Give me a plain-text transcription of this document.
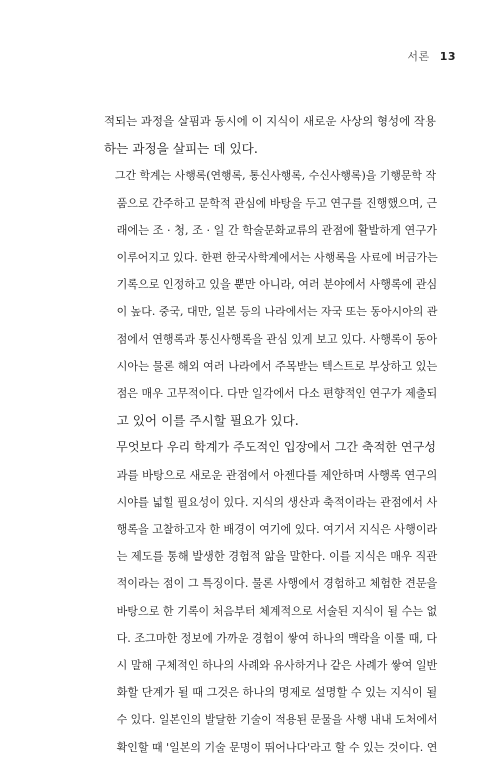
서론 13

적되는 과정을 살핌과 동시에 이 지식이 새로운 사상의 형성에 작용
하는 과정을 살피는 데 있다.

그간 학계는 사행록(연행록, 통신사행록, 수신사행록)을 기행문학 작
품으로 간주하고 문학적 관심에 바탕을 두고 연구를 진행했으며, 근
래에는 조 · 청, 조 · 일 간 학술문화교류의 관점에 활발하게 연구가
이루어지고 있다. 한편 한국사학계에서는 사행록을 사료에 버금가는
기록으로 인정하고 있을 뿐만 아니라, 여러 분야에서 사행록에 관심
이 높다. 중국, 대만, 일본 등의 나라에서는 자국 또는 동아시아의 관
점에서 연행록과 통신사행록을 관심 있게 보고 있다. 사행록이 동아
시아는 물론 해외 여러 나라에서 주목받는 텍스트로 부상하고 있는
점은 매우 고무적이다. 다만 일각에서 다소 편향적인 연구가 제출되
고 있어 이를 주시할 필요가 있다.

무엇보다 우리 학계가 주도적인 입장에서 그간 축적한 연구성
과를 바탕으로 새로운 관점에서 아젠다를 제안하며 사행록 연구의
시야를 넓힐 필요성이 있다. 지식의 생산과 축적이라는 관점에서 사
행록을 고찰하고자 한 배경이 여기에 있다. 여기서 지식은 사행이라
는 제도를 통해 발생한 경험적 앎을 말한다. 이를 지식은 매우 직관
적이라는 점이 그 특징이다. 물론 사행에서 경험하고 체험한 견문을
바탕으로 한 기록이 처음부터 체계적으로 서술된 지식이 될 수는 없
다. 조그마한 정보에 가까운 경험이 쌓여 하나의 맥락을 이룰 때, 다
시 말해 구체적인 하나의 사례와 유사하거나 같은 사례가 쌓여 일반
화할 단계가 될 때 그것은 하나의 명제로 설명할 수 있는 지식이 될
수 있다. 일본인의 발달한 기술이 적용된 문물을 사행 내내 도처에서
확인할 때 '일본의 기술 문명이 뛰어나다'라고 할 수 있는 것이다. 연
